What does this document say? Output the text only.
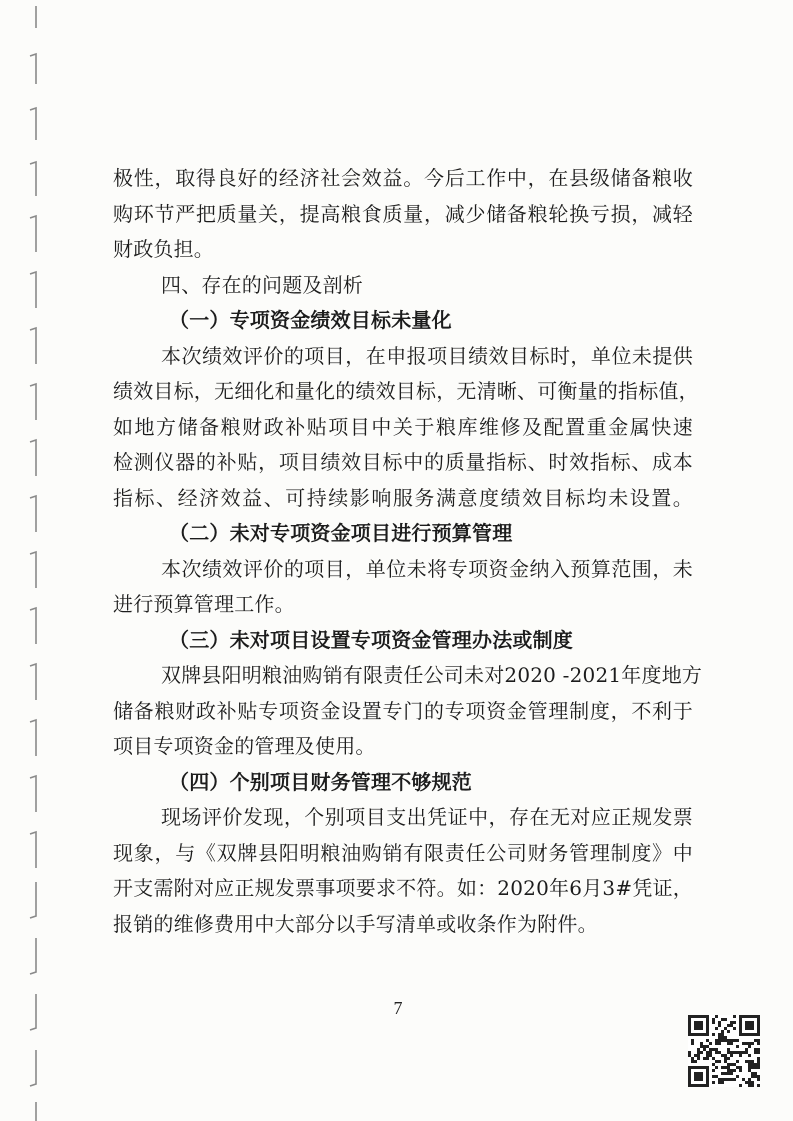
极性，取得良好的经济社会效益。今后工作中，在县级储备粮收
购环节严把质量关，提高粮食质量，减少储备粮轮换亏损，减轻
财政负担。
四、存在的问题及剖析
（一）专项资金绩效目标未量化
本次绩效评价的项目，在申报项目绩效目标时，单位未提供
绩效目标，无细化和量化的绩效目标，无清晰、可衡量的指标值，
如地方储备粮财政补贴项目中关于粮库维修及配置重金属快速
检测仪器的补贴，项目绩效目标中的质量指标、时效指标、成本
指标、经济效益、可持续影响服务满意度绩效目标均未设置。
（二）未对专项资金项目进行预算管理
本次绩效评价的项目，单位未将专项资金纳入预算范围，未
进行预算管理工作。
（三）未对项目设置专项资金管理办法或制度
双牌县阳明粮油购销有限责任公司未对2020 -2021年度地方
储备粮财政补贴专项资金设置专门的专项资金管理制度，不利于
项目专项资金的管理及使用。
（四）个别项目财务管理不够规范
现场评价发现，个别项目支出凭证中，存在无对应正规发票
现象，与《双牌县阳明粮油购销有限责任公司财务管理制度》中
开支需附对应正规发票事项要求不符。如：2020年6月3#凭证，
报销的维修费用中大部分以手写清单或收条作为附件。
7
